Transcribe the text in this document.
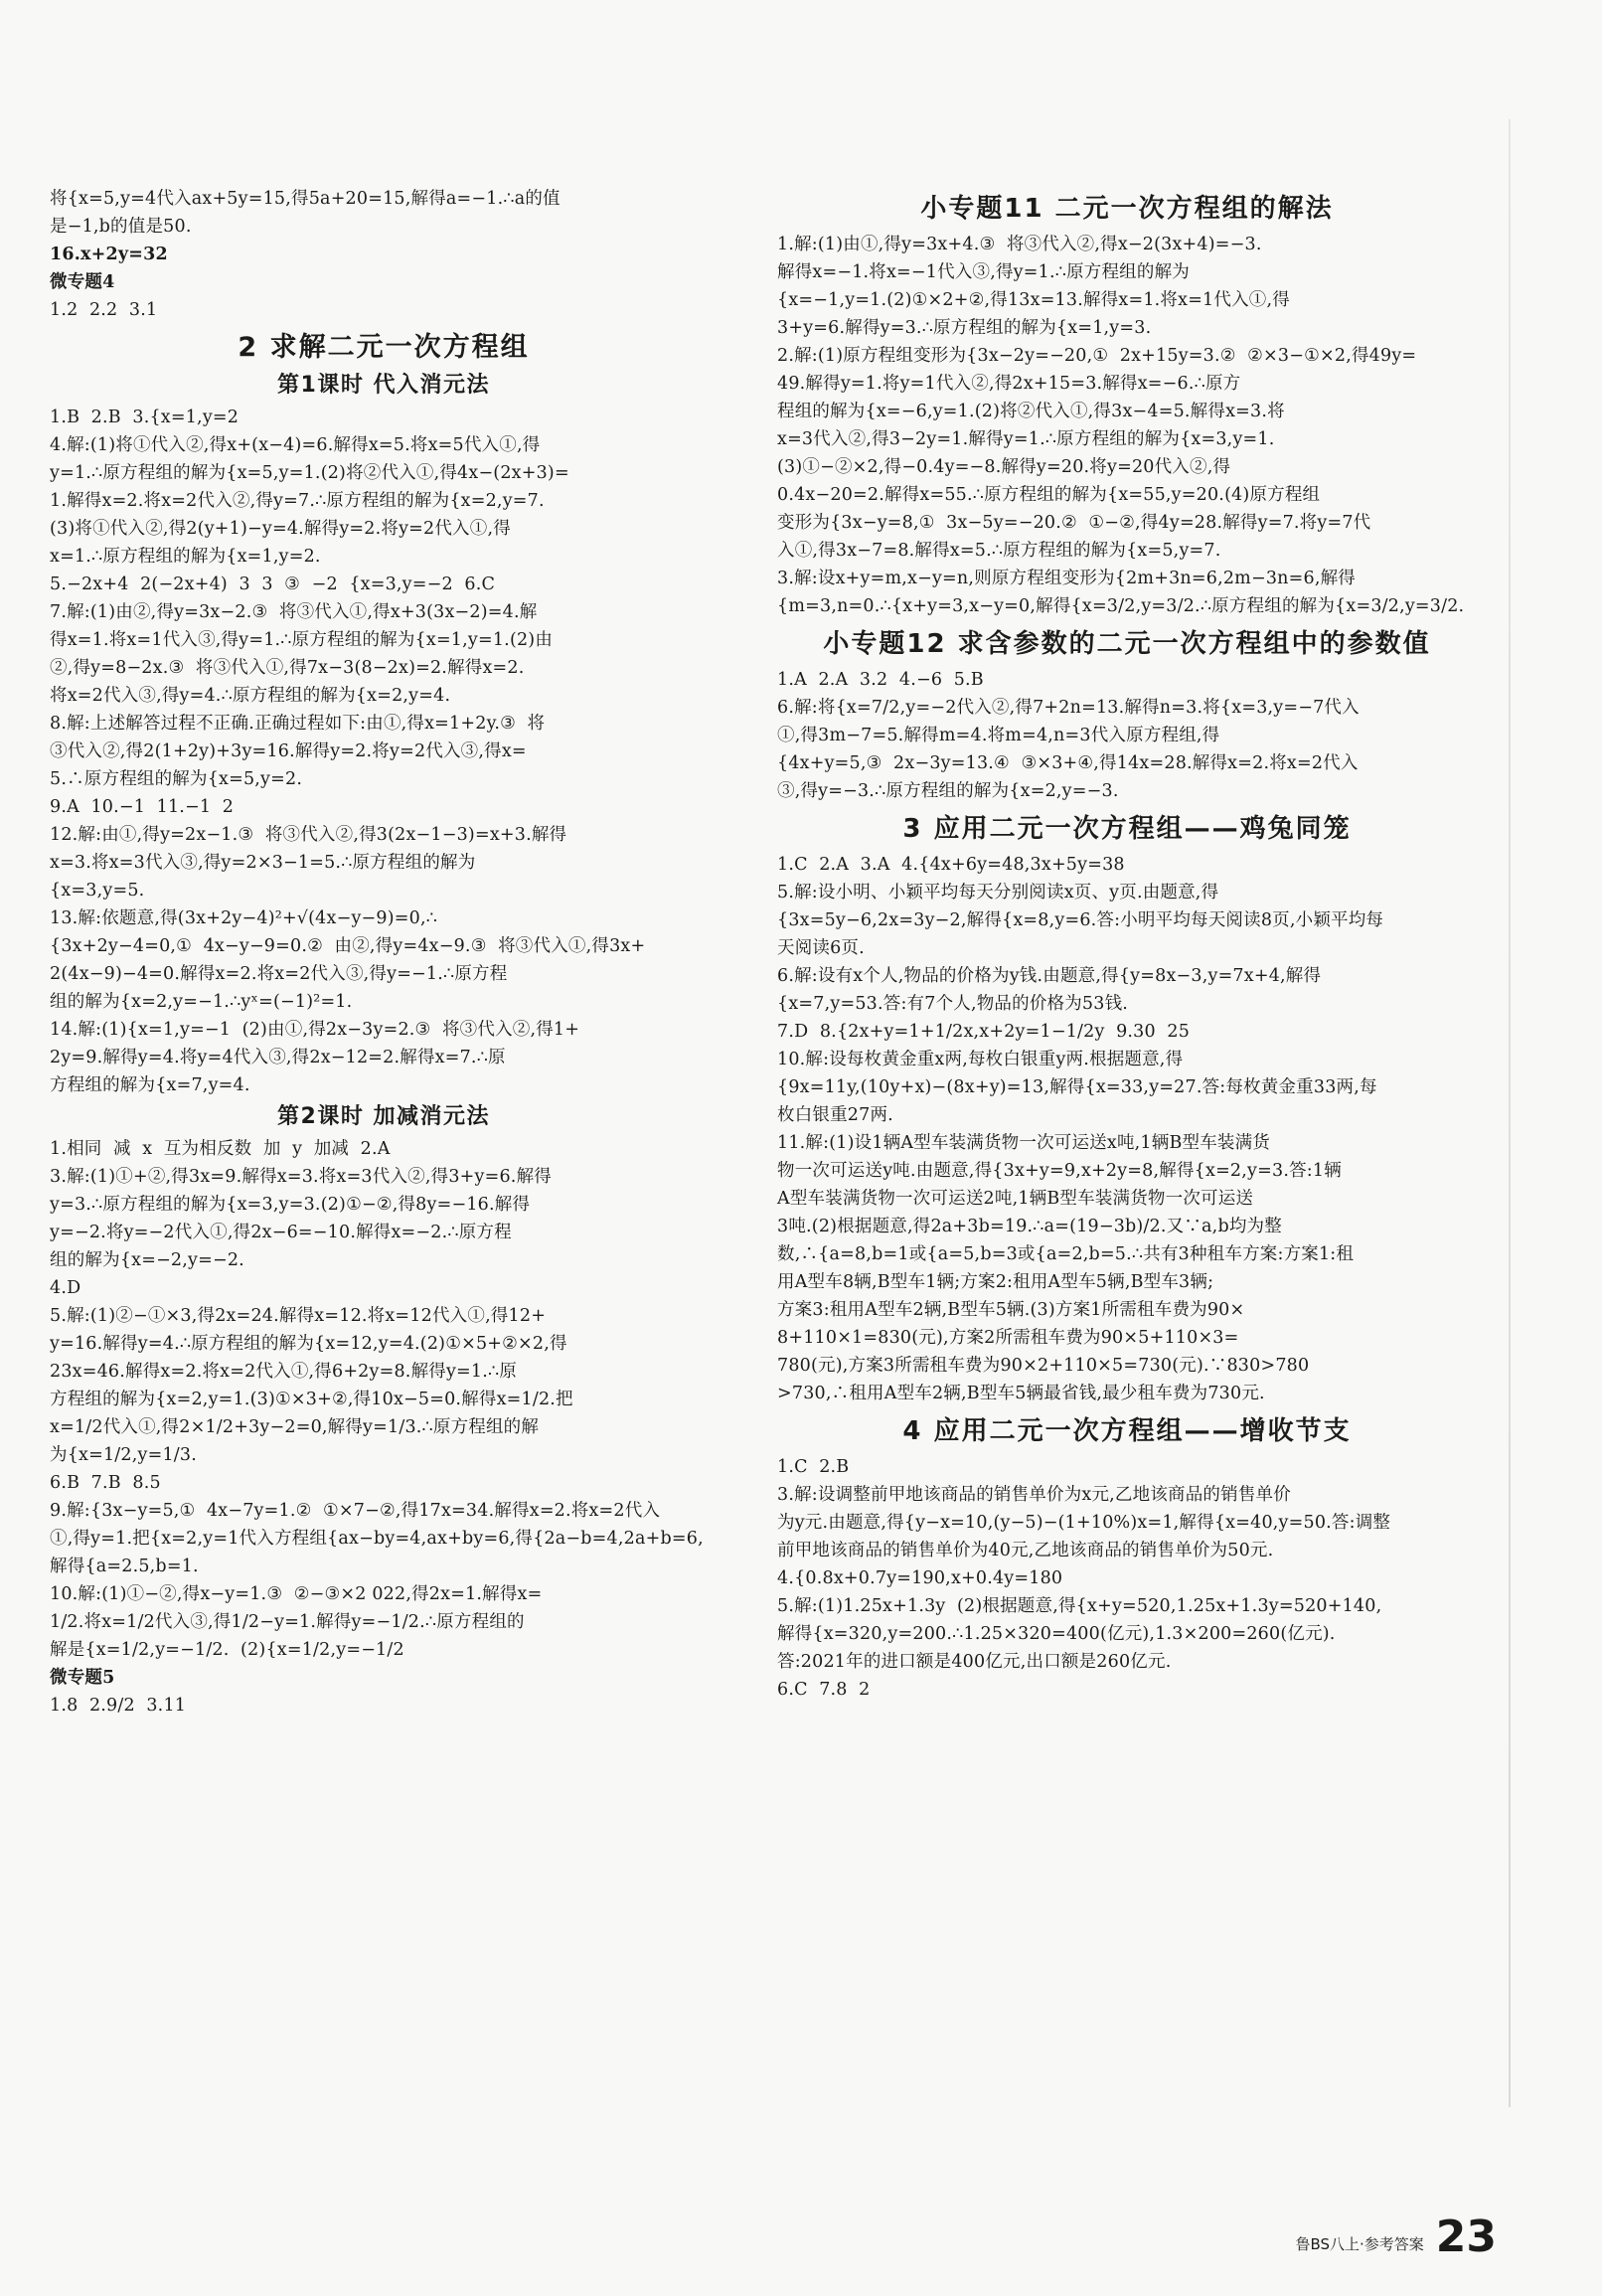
将{x=5,y=4代入ax+5y=15,得5a+20=15,解得a=−1.∴a的值
是−1,b的值是50.
16.x+2y=32
微专题4
1.2  2.2  3.1
2 求解二元一次方程组
第1课时 代入消元法
1.B  2.B  3.{x=1,y=2
4.解:(1)将①代入②,得x+(x−4)=6.解得x=5.将x=5代入①,得
y=1.∴原方程组的解为{x=5,y=1.(2)将②代入①,得4x−(2x+3)=
1.解得x=2.将x=2代入②,得y=7.∴原方程组的解为{x=2,y=7.
(3)将①代入②,得2(y+1)−y=4.解得y=2.将y=2代入①,得
x=1.∴原方程组的解为{x=1,y=2.
5.−2x+4  2(−2x+4)  3  3  ③  −2  {x=3,y=−2  6.C
7.解:(1)由②,得y=3x−2.③  将③代入①,得x+3(3x−2)=4.解
得x=1.将x=1代入③,得y=1.∴原方程组的解为{x=1,y=1.(2)由
②,得y=8−2x.③  将③代入①,得7x−3(8−2x)=2.解得x=2.
将x=2代入③,得y=4.∴原方程组的解为{x=2,y=4.
8.解:上述解答过程不正确.正确过程如下:由①,得x=1+2y.③  将
③代入②,得2(1+2y)+3y=16.解得y=2.将y=2代入③,得x=
5.∴原方程组的解为{x=5,y=2.
9.A  10.−1  11.−1  2
12.解:由①,得y=2x−1.③  将③代入②,得3(2x−1−3)=x+3.解得
x=3.将x=3代入③,得y=2×3−1=5.∴原方程组的解为
{x=3,y=5.
13.解:依题意,得(3x+2y−4)²+√(4x−y−9)=0,∴
{3x+2y−4=0,①  4x−y−9=0.②  由②,得y=4x−9.③  将③代入①,得3x+
2(4x−9)−4=0.解得x=2.将x=2代入③,得y=−1.∴原方程
组的解为{x=2,y=−1.∴yˣ=(−1)²=1.
14.解:(1){x=1,y=−1  (2)由①,得2x−3y=2.③  将③代入②,得1+
2y=9.解得y=4.将y=4代入③,得2x−12=2.解得x=7.∴原
方程组的解为{x=7,y=4.
第2课时 加减消元法
1.相同  减  x  互为相反数  加  y  加减  2.A
3.解:(1)①+②,得3x=9.解得x=3.将x=3代入②,得3+y=6.解得
y=3.∴原方程组的解为{x=3,y=3.(2)①−②,得8y=−16.解得
y=−2.将y=−2代入①,得2x−6=−10.解得x=−2.∴原方程
组的解为{x=−2,y=−2.
4.D
5.解:(1)②−①×3,得2x=24.解得x=12.将x=12代入①,得12+
y=16.解得y=4.∴原方程组的解为{x=12,y=4.(2)①×5+②×2,得
23x=46.解得x=2.将x=2代入①,得6+2y=8.解得y=1.∴原
方程组的解为{x=2,y=1.(3)①×3+②,得10x−5=0.解得x=1/2.把
x=1/2代入①,得2×1/2+3y−2=0,解得y=1/3.∴原方程组的解
为{x=1/2,y=1/3.
6.B  7.B  8.5
9.解:{3x−y=5,①  4x−7y=1.②  ①×7−②,得17x=34.解得x=2.将x=2代入
①,得y=1.把{x=2,y=1代入方程组{ax−by=4,ax+by=6,得{2a−b=4,2a+b=6,
解得{a=2.5,b=1.
10.解:(1)①−②,得x−y=1.③  ②−③×2 022,得2x=1.解得x=
1/2.将x=1/2代入③,得1/2−y=1.解得y=−1/2.∴原方程组的
解是{x=1/2,y=−1/2.  (2){x=1/2,y=−1/2
微专题5
1.8  2.9/2  3.11
小专题11 二元一次方程组的解法
1.解:(1)由①,得y=3x+4.③  将③代入②,得x−2(3x+4)=−3.
解得x=−1.将x=−1代入③,得y=1.∴原方程组的解为
{x=−1,y=1.(2)①×2+②,得13x=13.解得x=1.将x=1代入①,得
3+y=6.解得y=3.∴原方程组的解为{x=1,y=3.
2.解:(1)原方程组变形为{3x−2y=−20,①  2x+15y=3.②  ②×3−①×2,得49y=
49.解得y=1.将y=1代入②,得2x+15=3.解得x=−6.∴原方
程组的解为{x=−6,y=1.(2)将②代入①,得3x−4=5.解得x=3.将
x=3代入②,得3−2y=1.解得y=1.∴原方程组的解为{x=3,y=1.
(3)①−②×2,得−0.4y=−8.解得y=20.将y=20代入②,得
0.4x−20=2.解得x=55.∴原方程组的解为{x=55,y=20.(4)原方程组
变形为{3x−y=8,①  3x−5y=−20.②  ①−②,得4y=28.解得y=7.将y=7代
入①,得3x−7=8.解得x=5.∴原方程组的解为{x=5,y=7.
3.解:设x+y=m,x−y=n,则原方程组变形为{2m+3n=6,2m−3n=6,解得
{m=3,n=0.∴{x+y=3,x−y=0,解得{x=3/2,y=3/2.∴原方程组的解为{x=3/2,y=3/2.
小专题12 求含参数的二元一次方程组中的参数值
1.A  2.A  3.2  4.−6  5.B
6.解:将{x=7/2,y=−2代入②,得7+2n=13.解得n=3.将{x=3,y=−7代入
①,得3m−7=5.解得m=4.将m=4,n=3代入原方程组,得
{4x+y=5,③  2x−3y=13.④  ③×3+④,得14x=28.解得x=2.将x=2代入
③,得y=−3.∴原方程组的解为{x=2,y=−3.
3 应用二元一次方程组——鸡兔同笼
1.C  2.A  3.A  4.{4x+6y=48,3x+5y=38
5.解:设小明、小颖平均每天分别阅读x页、y页.由题意,得
{3x=5y−6,2x=3y−2,解得{x=8,y=6.答:小明平均每天阅读8页,小颖平均每
天阅读6页.
6.解:设有x个人,物品的价格为y钱.由题意,得{y=8x−3,y=7x+4,解得
{x=7,y=53.答:有7个人,物品的价格为53钱.
7.D  8.{2x+y=1+1/2x,x+2y=1−1/2y  9.30  25
10.解:设每枚黄金重x两,每枚白银重y两.根据题意,得
{9x=11y,(10y+x)−(8x+y)=13,解得{x=33,y=27.答:每枚黄金重33两,每
枚白银重27两.
11.解:(1)设1辆A型车装满货物一次可运送x吨,1辆B型车装满货
物一次可运送y吨.由题意,得{3x+y=9,x+2y=8,解得{x=2,y=3.答:1辆
A型车装满货物一次可运送2吨,1辆B型车装满货物一次可运送
3吨.(2)根据题意,得2a+3b=19.∴a=(19−3b)/2.又∵a,b均为整
数,∴{a=8,b=1或{a=5,b=3或{a=2,b=5.∴共有3种租车方案:方案1:租
用A型车8辆,B型车1辆;方案2:租用A型车5辆,B型车3辆;
方案3:租用A型车2辆,B型车5辆.(3)方案1所需租车费为90×
8+110×1=830(元),方案2所需租车费为90×5+110×3=
780(元),方案3所需租车费为90×2+110×5=730(元).∵830>780
>730,∴租用A型车2辆,B型车5辆最省钱,最少租车费为730元.
4 应用二元一次方程组——增收节支
1.C  2.B
3.解:设调整前甲地该商品的销售单价为x元,乙地该商品的销售单价
为y元.由题意,得{y−x=10,(y−5)−(1+10%)x=1,解得{x=40,y=50.答:调整
前甲地该商品的销售单价为40元,乙地该商品的销售单价为50元.
4.{0.8x+0.7y=190,x+0.4y=180
5.解:(1)1.25x+1.3y  (2)根据题意,得{x+y=520,1.25x+1.3y=520+140,
解得{x=320,y=200.∴1.25×320=400(亿元),1.3×200=260(亿元).
答:2021年的进口额是400亿元,出口额是260亿元.
6.C  7.8  2
鲁BS八上·参考答案 23
